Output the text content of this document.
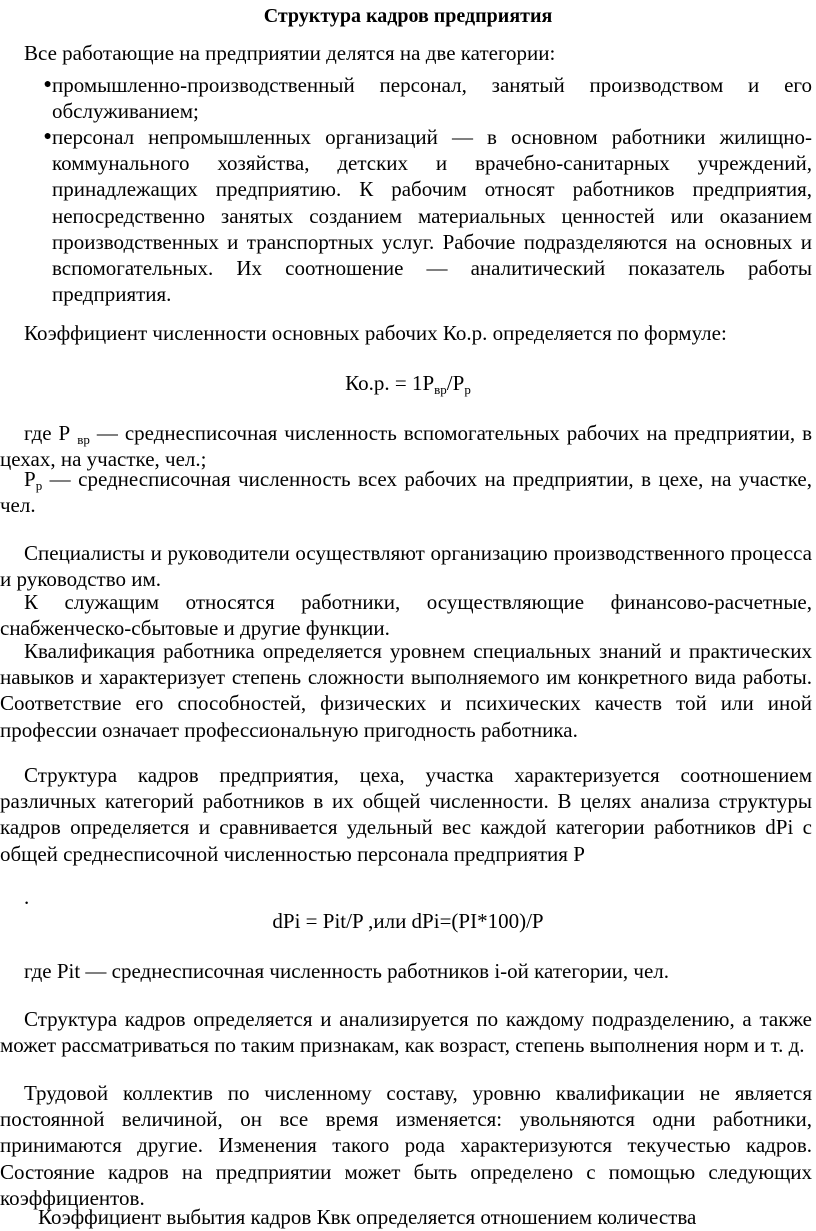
Структура кадров предприятия

Все работающие на предприятии делятся на две категории:

● промышленно-производственный персонал, занятый производством и его обслуживанием;
● персонал непромышленных организаций — в основном работники жилищно-коммунального хозяйства, детских и врачебно-санитарных учреждений, принадлежащих предприятию. К рабочим относят работников предприятия, непосредственно занятых созданием материальных ценностей или оказанием производственных и транспортных услуг. Рабочие подразделяются на основных и вспомогательных. Их соотношение — аналитический показатель работы предприятия.

Коэффициент численности основных рабочих Ко.р. определяется по формуле:

Ко.р. = $1Р_{вр}/Р_р$

где Р $_{вр}$ — среднесписочная численность вспомогательных рабочих на предприятии, в цехах, на участке, чел.;

$Р_р$ — среднесписочная численность всех рабочих на предприятии, в цехе, на участке, чел.

Специалисты и руководители осуществляют организацию производственного процесса и руководство им.

К служащим относятся работники, осуществляющие финансово-расчетные, снабженческо-сбытовые и другие функции.

Квалификация работника определяется уровнем специальных знаний и практических навыков и характеризует степень сложности выполняемого им конкретного вида работы. Соответствие его способностей, физических и психических качеств той или иной профессии означает профессиональную пригодность работника.

Структура кадров предприятия, цеха, участка характеризуется соотношением различных категорий работников в их общей численности. В целях анализа структуры кадров определяется и сравнивается удельный вес каждой категории работников dPi с общей среднесписочной численностью персонала предприятия Р

.
dPi = Pit/P ,или dPi=(PI*100)/P

где Pit — среднесписочная численность работников i-ой категории, чел.

Структура кадров определяется и анализируется по каждому подразделению, а также может рассматриваться по таким признакам, как возраст, степень выполнения норм и т. д.

Трудовой коллектив по численному составу, уровню квалификации не является постоянной величиной, он все время изменяется: увольняются одни работники, принимаются другие. Изменения такого рода характеризуются текучестью кадров. Состояние кадров на предприятии может быть определено с помощью следующих коэффициентов.

Коэффициент выбытия кадров Квк определяется отношением количества
